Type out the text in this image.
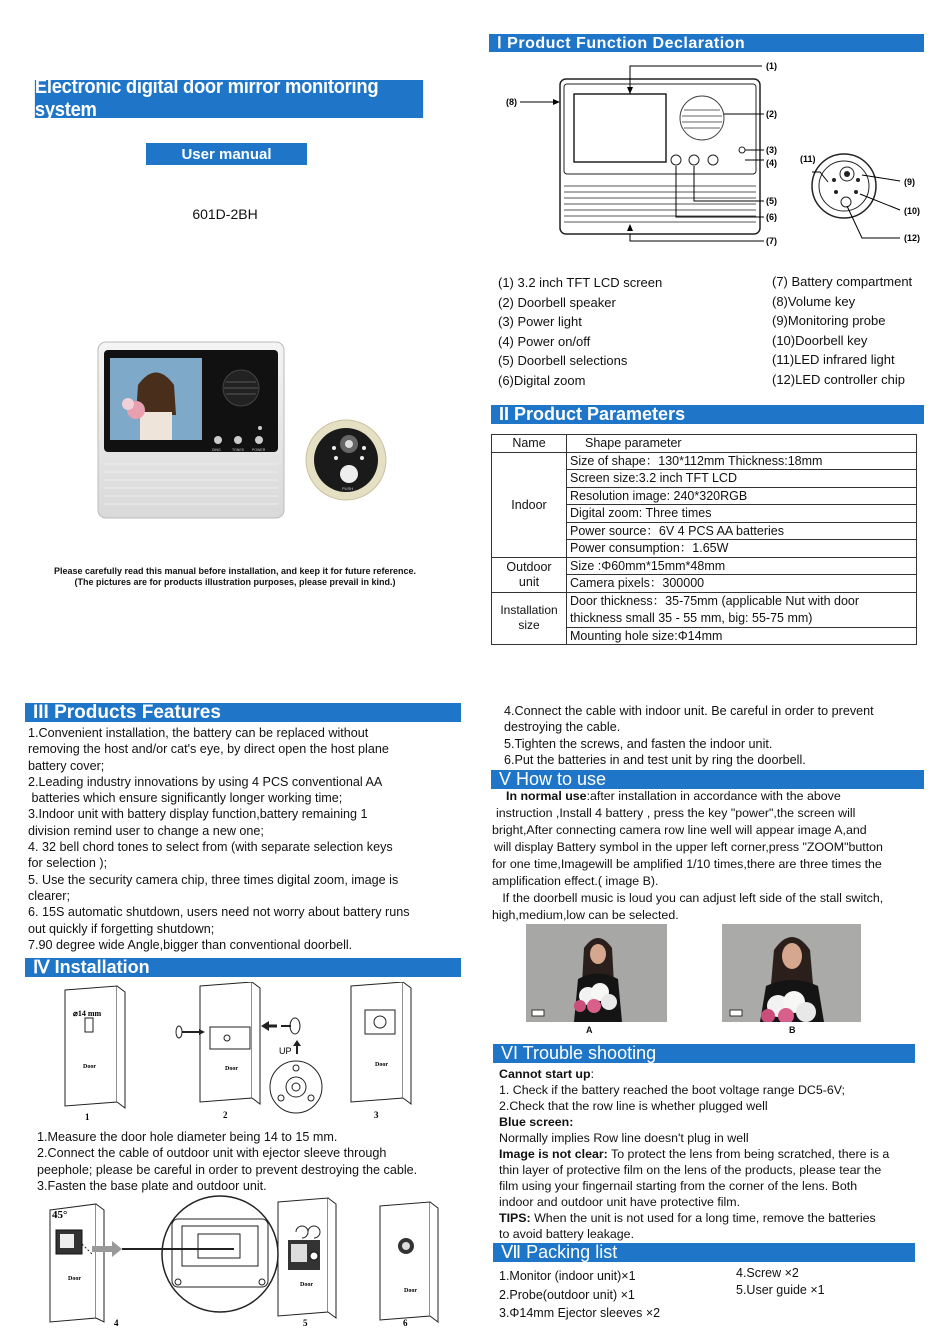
Electronic digital door mirror monitoring system
User manual
601D-2BH
DING	TONES POWER
PUSH
Please carefully read this manual before installation, and keep it for future reference.
(The pictures are for products illustration purposes, please prevail in kind.)
Ⅰ Product Function Declaration
(1)
(2)
(3)
(4)
(5)
(6)
(7)
(8)
(11)
(9)
(10)
(12)
(1) 3.2 inch TFT LCD screen
(2) Doorbell speaker
(3) Power light
(4) Power on/off
(5) Doorbell selections
(6)Digital zoom
(7) Battery compartment
(8)Volume key
(9)Monitoring probe
(10)Doorbell key
(11)LED infrared light
(12)LED controller chip
II Product Parameters
Name	Shape parameter
Indoor	Size of shape：130*112mm Thickness:18mm
	Screen size:3.2 inch TFT LCD
	Resolution image: 240*320RGB
	Digital zoom: Three times
	Power source：6V 4 PCS AA batteries
	Power consumption：1.65W
Outdoor unit	Size :Φ60mm*15mm*48mm
	Camera pixels：300000
Installation size	Door thickness：35-75mm (applicable Nut with door thickness small 35 - 55 mm, big: 55-75 mm)
	Mounting hole size:Φ14mm
III Products Features
1.Convenient installation, the battery can be replaced without
removing the host and/or cat's eye, by direct open the host plane
battery cover;
2.Leading industry innovations by using 4 PCS conventional AA
batteries which ensure significantly longer working time;
3.Indoor unit with battery display function,battery remaining 1
division remind user to change a new one;
4. 32 bell chord tones to select from (with separate selection keys
for selection );
5. Use the security camera chip, three times digital zoom, image is
clearer;
6. 15S automatic shutdown, users need not worry about battery runs
out quickly if forgetting shutdown;
7.90 degree wide Angle,bigger than conventional doorbell.
Ⅳ Installation
⌀14 mm
Door	Door
UP
Door
1	2	3
1.Measure the door hole diameter being 14 to 15 mm.
2.Connect the cable of outdoor unit with ejector sleeve through
peephole; please be careful in order to prevent destroying the cable.
3.Fasten the base plate and outdoor unit.
45°
Door
Door
Door
4	5	6
4.Connect the cable with indoor unit. Be careful in order to prevent
destroying the cable.
5.Tighten the screws, and fasten the indoor unit.
6.Put the batteries in and test unit by ring the doorbell.
V How to use
In normal use:after installation in accordance with the above
instruction ,Install 4 battery , press the key "power",the screen will
bright,After connecting camera row line well will appear image A,and
will display Battery symbol in the upper left corner,press "ZOOM"button
for one time,Imagewill be amplified 1/10 times,there are three times the
amplification effect.( image B).
If the doorbell music is loud you can adjust left side of the stall switch,
high,medium,low can be selected.
A	B
VI Trouble shooting
Cannot start up:
1. Check if the battery reached the boot voltage range DC5-6V;
2.Check that the row line is whether plugged well
Blue screen:
Normally implies Row line doesn't plug in well
Image is not clear: To protect the lens from being scratched, there is a
thin layer of protective film on the lens of the products, please tear the
film using your fingernail starting from the corner of the lens. Both
indoor and outdoor unit have protective film.
TIPS: When the unit is not used for a long time, remove the batteries
to avoid battery leakage.
Ⅶ Packing list
1.Monitor (indoor unit)×1
2.Probe(outdoor unit) ×1
3.Φ14mm Ejector sleeves ×2
4.Screw ×2
5.User guide ×1
